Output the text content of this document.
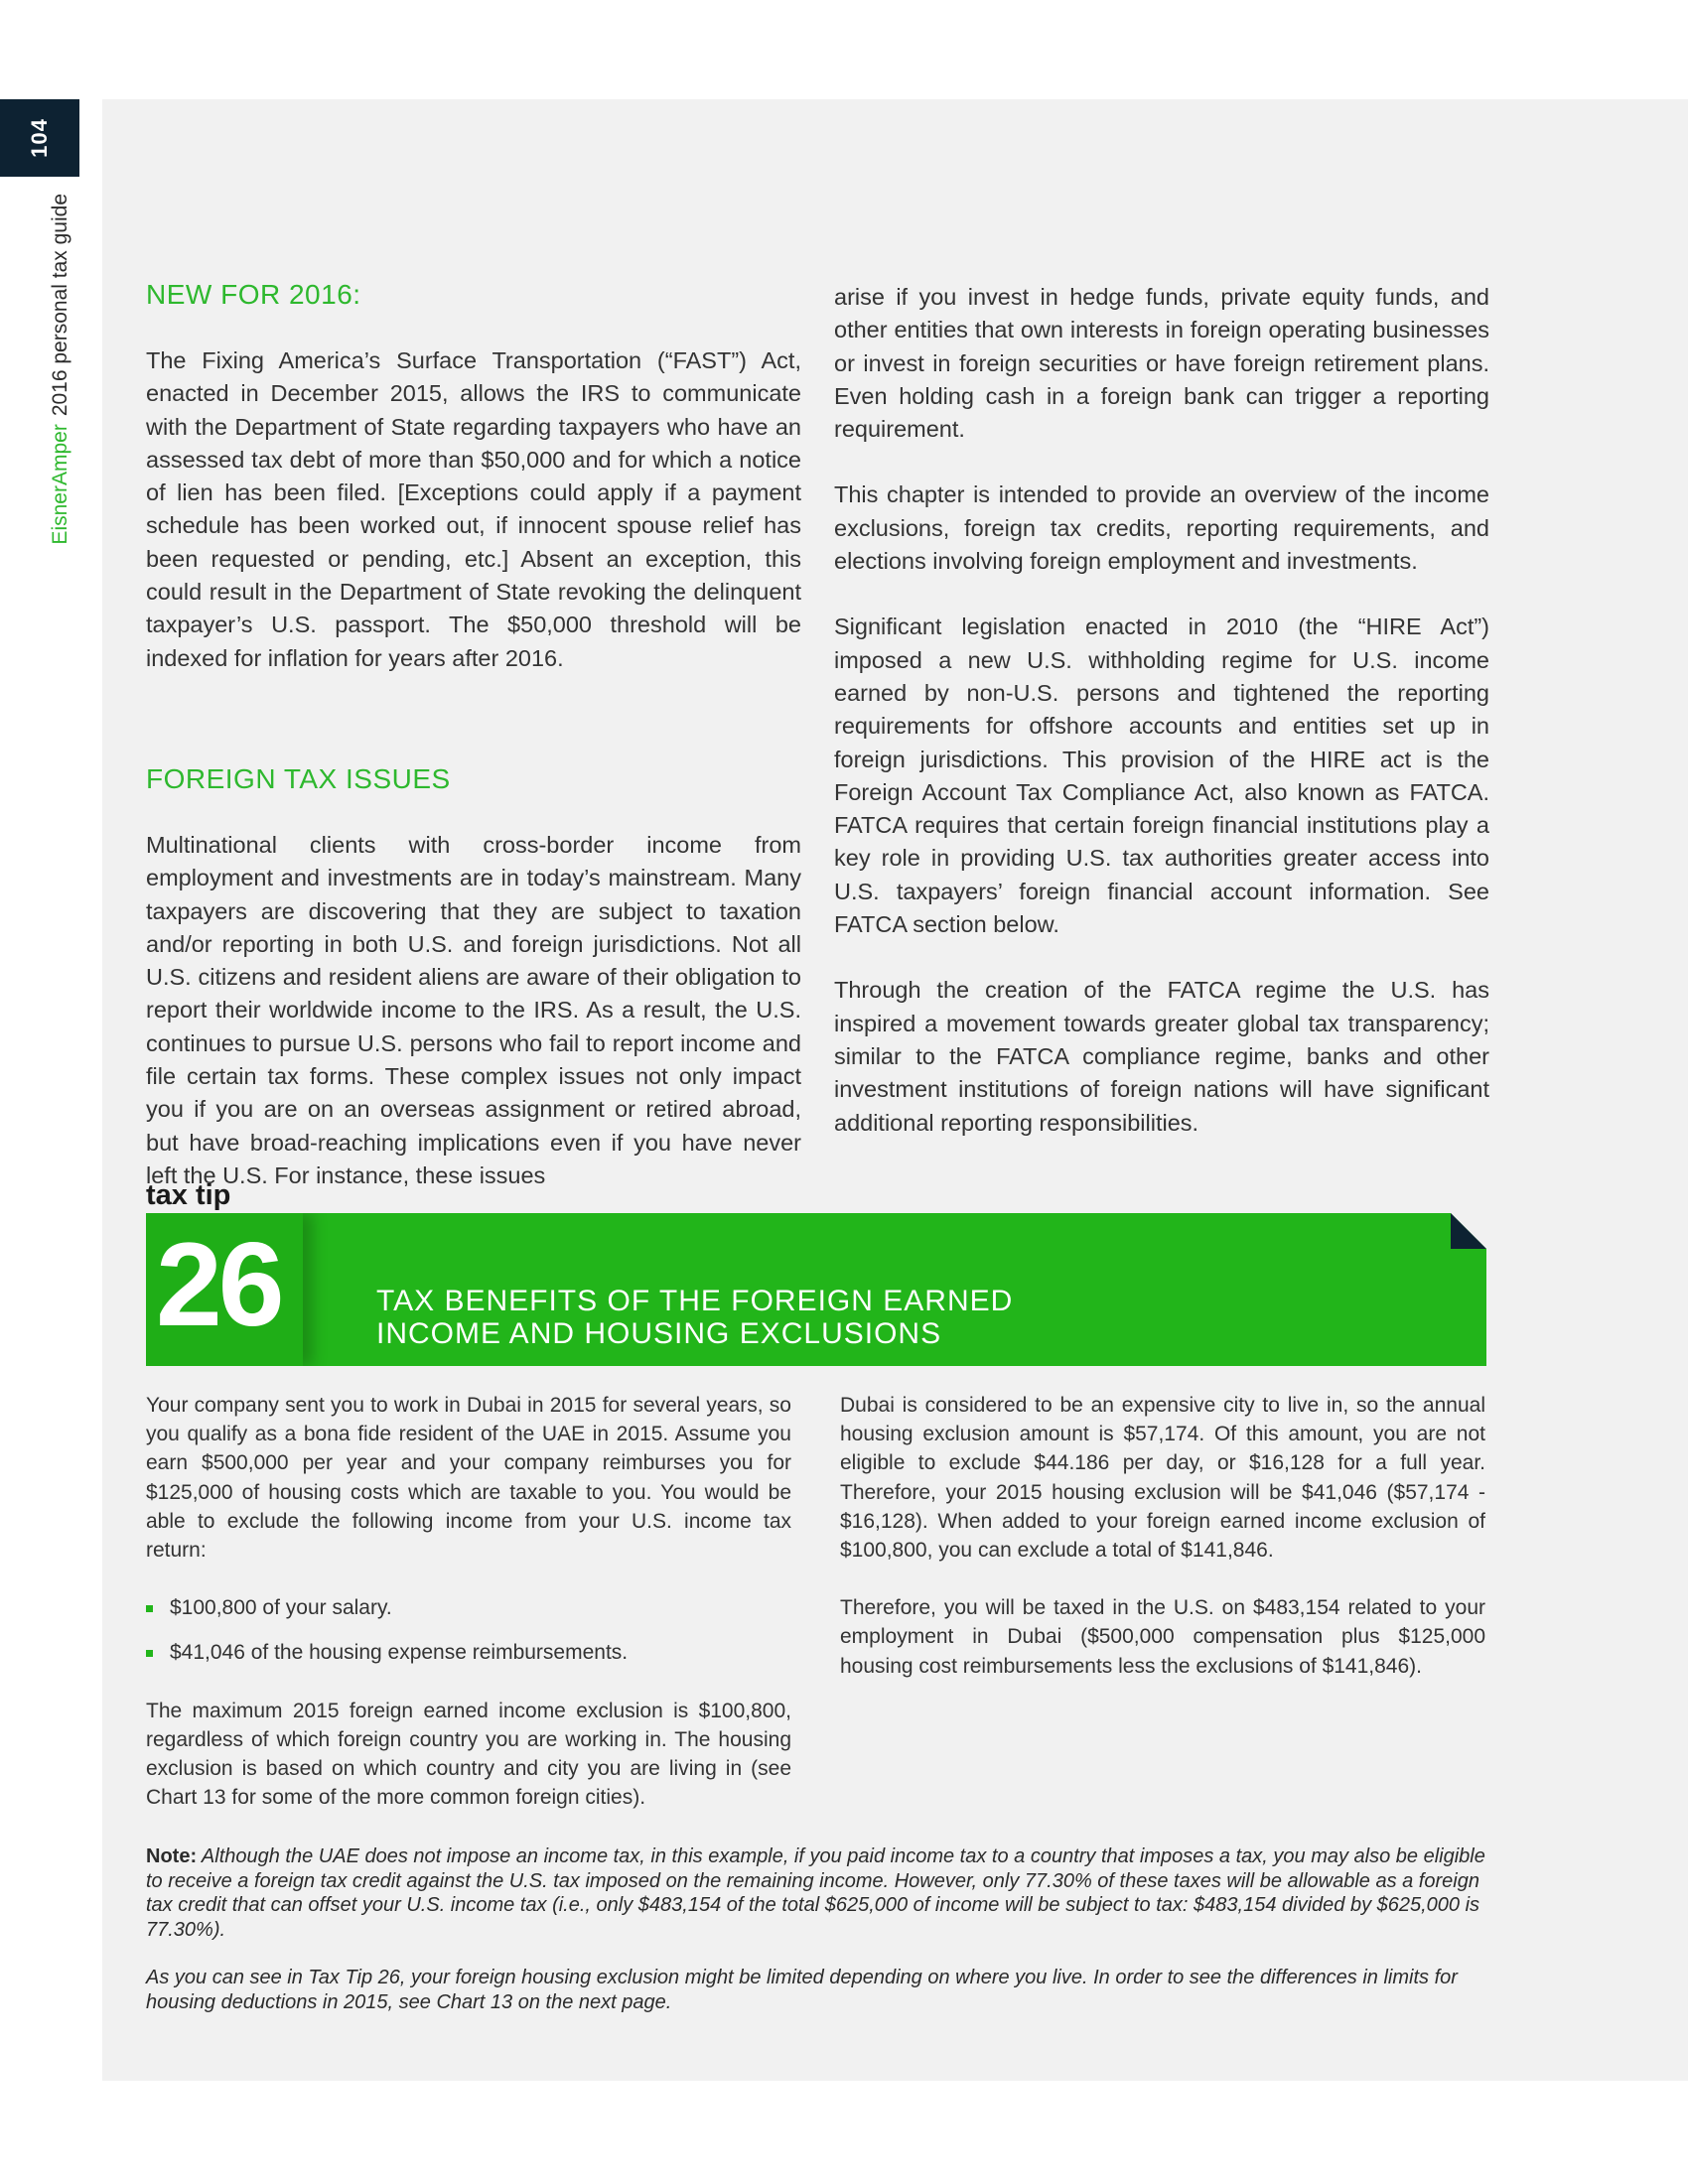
104
EisnerAmper2016 personal tax guide	NEW FOR 2016:

The Fixing America’s Surface Transportation (“FAST”) Act, enacted in December 2015, allows the IRS to communicate with the Department of State regarding taxpayers who have an assessed tax debt of more than $50,000 and for which a notice of lien has been filed. [Exceptions could apply if a payment schedule has been worked out, if innocent spouse relief has been requested or pending, etc.] Absent an exception, this could result in the Department of State revoking the delinquent taxpayer’s U.S. passport. The $50,000 threshold will be indexed for inflation for years after 2016.

FOREIGN TAX ISSUES

Multinational clients with cross-border income from employment and investments are in today’s mainstream. Many taxpayers are discovering that they are subject to taxation and/or reporting in both U.S. and foreign jurisdictions. Not all U.S. citizens and resident aliens are aware of their obligation to report their worldwide income to the IRS. As a result, the U.S. continues to pursue U.S. persons who fail to report income and file certain tax forms. These complex issues not only impact you if you are on an overseas assignment or retired abroad, but have broad-reaching implications even if you have never left the U.S. For instance, these issues

arise if you invest in hedge funds, private equity funds, and other entities that own interests in foreign operating businesses or invest in foreign securities or have foreign retirement plans. Even holding cash in a foreign bank can trigger a reporting requirement.

This chapter is intended to provide an overview of the income exclusions, foreign tax credits, reporting requirements, and elections involving foreign employment and investments.

Significant legislation enacted in 2010 (the “HIRE Act”) imposed a new U.S. withholding regime for U.S. income earned by non-U.S. persons and tightened the reporting requirements for offshore accounts and entities set up in foreign jurisdictions. This provision of the HIRE act is the Foreign Account Tax Compliance Act, also known as FATCA. FATCA requires that certain foreign financial institutions play a key role in providing U.S. tax authorities greater access into U.S. taxpayers’ foreign financial account information. See FATCA section below.

Through the creation of the FATCA regime the U.S. has inspired a movement towards greater global tax transparency; similar to the FATCA compliance regime, banks and other investment institutions of foreign nations will have significant additional reporting responsibilities.

tax tip
26	TAX BENEFITS OF THE FOREIGN EARNED
INCOME AND HOUSING EXCLUSIONS

Your company sent you to work in Dubai in 2015 for several years, so you qualify as a bona fide resident of the UAE in 2015. Assume you earn $500,000 per year and your company reimburses you for $125,000 of housing costs which are taxable to you. You would be able to exclude the following income from your U.S. income tax return:

$100,800 of your salary.
$41,046 of the housing expense reimbursements.

The maximum 2015 foreign earned income exclusion is $100,800, regardless of which foreign country you are working in. The housing exclusion is based on which country and city you are living in (see Chart 13 for some of the more common foreign cities).

Dubai is considered to be an expensive city to live in, so the annual housing exclusion amount is $57,174. Of this amount, you are not eligible to exclude $44.186 per day, or $16,128 for a full year. Therefore, your 2015 housing exclusion will be $41,046 ($57,174 - $16,128). When added to your foreign earned income exclusion of $100,800, you can exclude a total of $141,846.

Therefore, you will be taxed in the U.S. on $483,154 related to your employment in Dubai ($500,000 compensation plus $125,000 housing cost reimbursements less the exclusions of $141,846).

Note: Although the UAE does not impose an income tax, in this example, if you paid income tax to a country that imposes a tax, you may also be eligible to receive a foreign tax credit against the U.S. tax imposed on the remaining income. However, only 77.30% of these taxes will be allowable as a foreign tax credit that can offset your U.S. income tax (i.e., only $483,154 of the total $625,000 of income will be subject to tax: $483,154 divided by $625,000 is 77.30%).

As you can see in Tax Tip 26, your foreign housing exclusion might be limited depending on where you live. In order to see the differences in limits for housing deductions in 2015, see Chart 13 on the next page.
